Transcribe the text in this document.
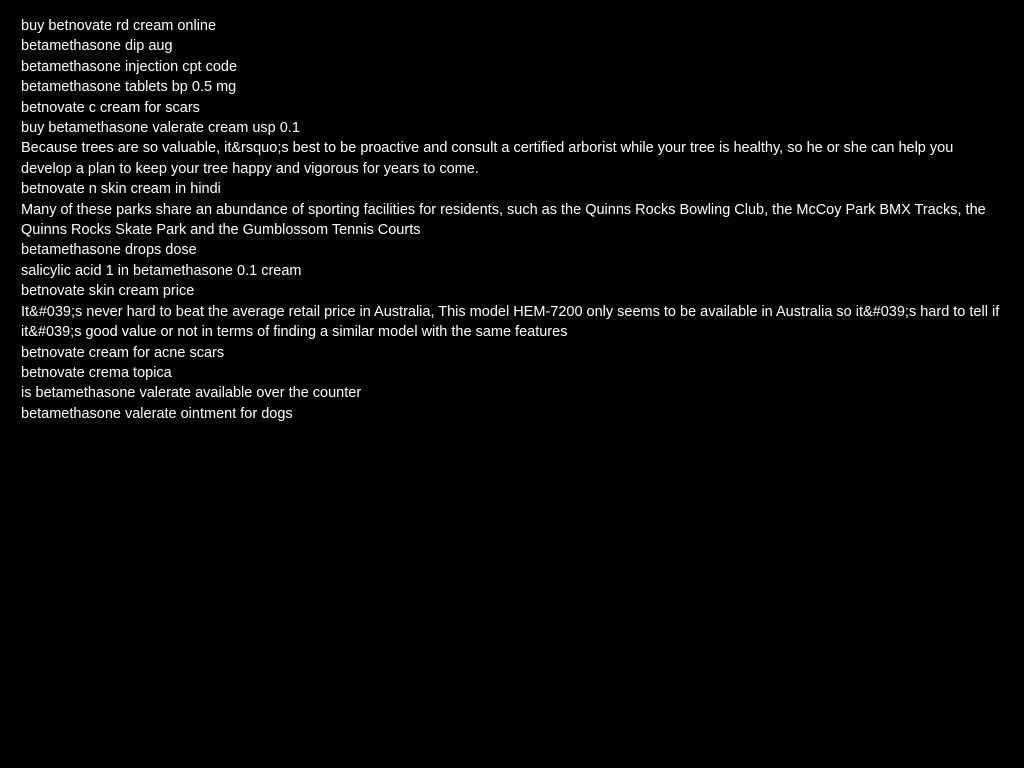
buy betnovate rd cream online
betamethasone dip aug
betamethasone injection cpt code
betamethasone tablets bp 0.5 mg
betnovate c cream for scars
buy betamethasone valerate cream usp 0.1
Because trees are so valuable, it&rsquo;s best to be proactive and consult a certified arborist while your tree is healthy, so he or she can help you develop a plan to keep your tree happy and vigorous for years to come.
betnovate n skin cream in hindi
Many of these parks share an abundance of sporting facilities for residents, such as the Quinns Rocks Bowling Club, the McCoy Park BMX Tracks, the Quinns Rocks Skate Park and the Gumblossom Tennis Courts
betamethasone drops dose
salicylic acid 1 in betamethasone 0.1 cream
betnovate skin cream price
It&#039;s never hard to beat the average retail price in Australia, This model HEM-7200 only seems to be available in Australia so it&#039;s hard to tell if it&#039;s good value or not in terms of finding a similar model with the same features
betnovate cream for acne scars
betnovate crema topica
is betamethasone valerate available over the counter
betamethasone valerate ointment for dogs
